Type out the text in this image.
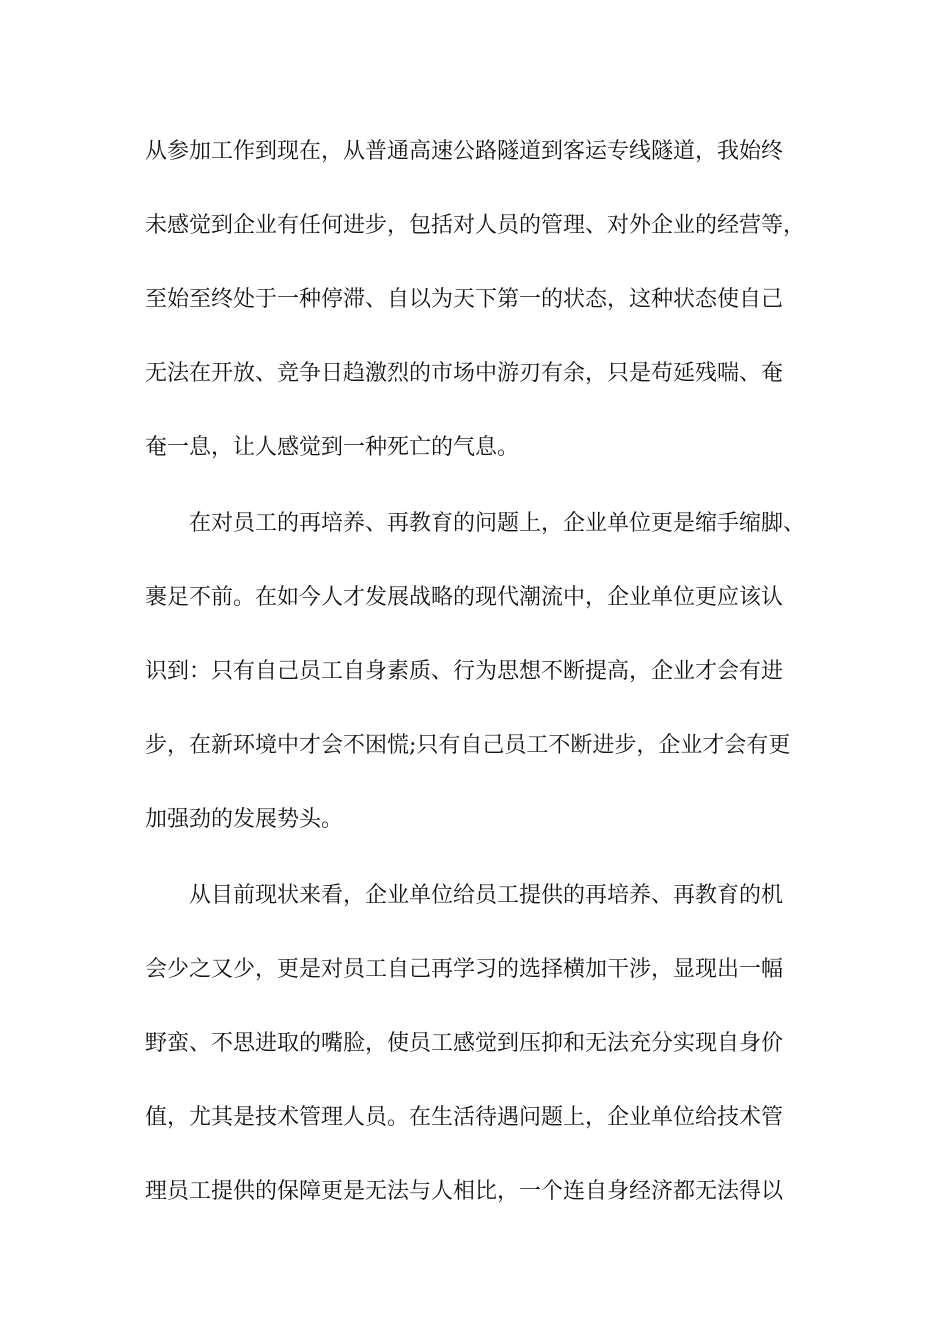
从参加工作到现在，从普通高速公路隧道到客运专线隧道，我始终

未感觉到企业有任何进步，包括对人员的管理、对外企业的经营等，

至始至终处于一种停滞、自以为天下第一的状态，这种状态使自己

无法在开放、竞争日趋激烈的市场中游刃有余，只是苟延残喘、奄

奄一息，让人感觉到一种死亡的气息。

在对员工的再培养、再教育的问题上，企业单位更是缩手缩脚、

裹足不前。在如今人才发展战略的现代潮流中，企业单位更应该认

识到：只有自己员工自身素质、行为思想不断提高，企业才会有进

步，在新环境中才会不困慌;只有自己员工不断进步，企业才会有更

加强劲的发展势头。

从目前现状来看，企业单位给员工提供的再培养、再教育的机

会少之又少，更是对员工自己再学习的选择横加干涉，显现出一幅

野蛮、不思进取的嘴脸，使员工感觉到压抑和无法充分实现自身价

值，尤其是技术管理人员。在生活待遇问题上，企业单位给技术管

理员工提供的保障更是无法与人相比，一个连自身经济都无法得以
